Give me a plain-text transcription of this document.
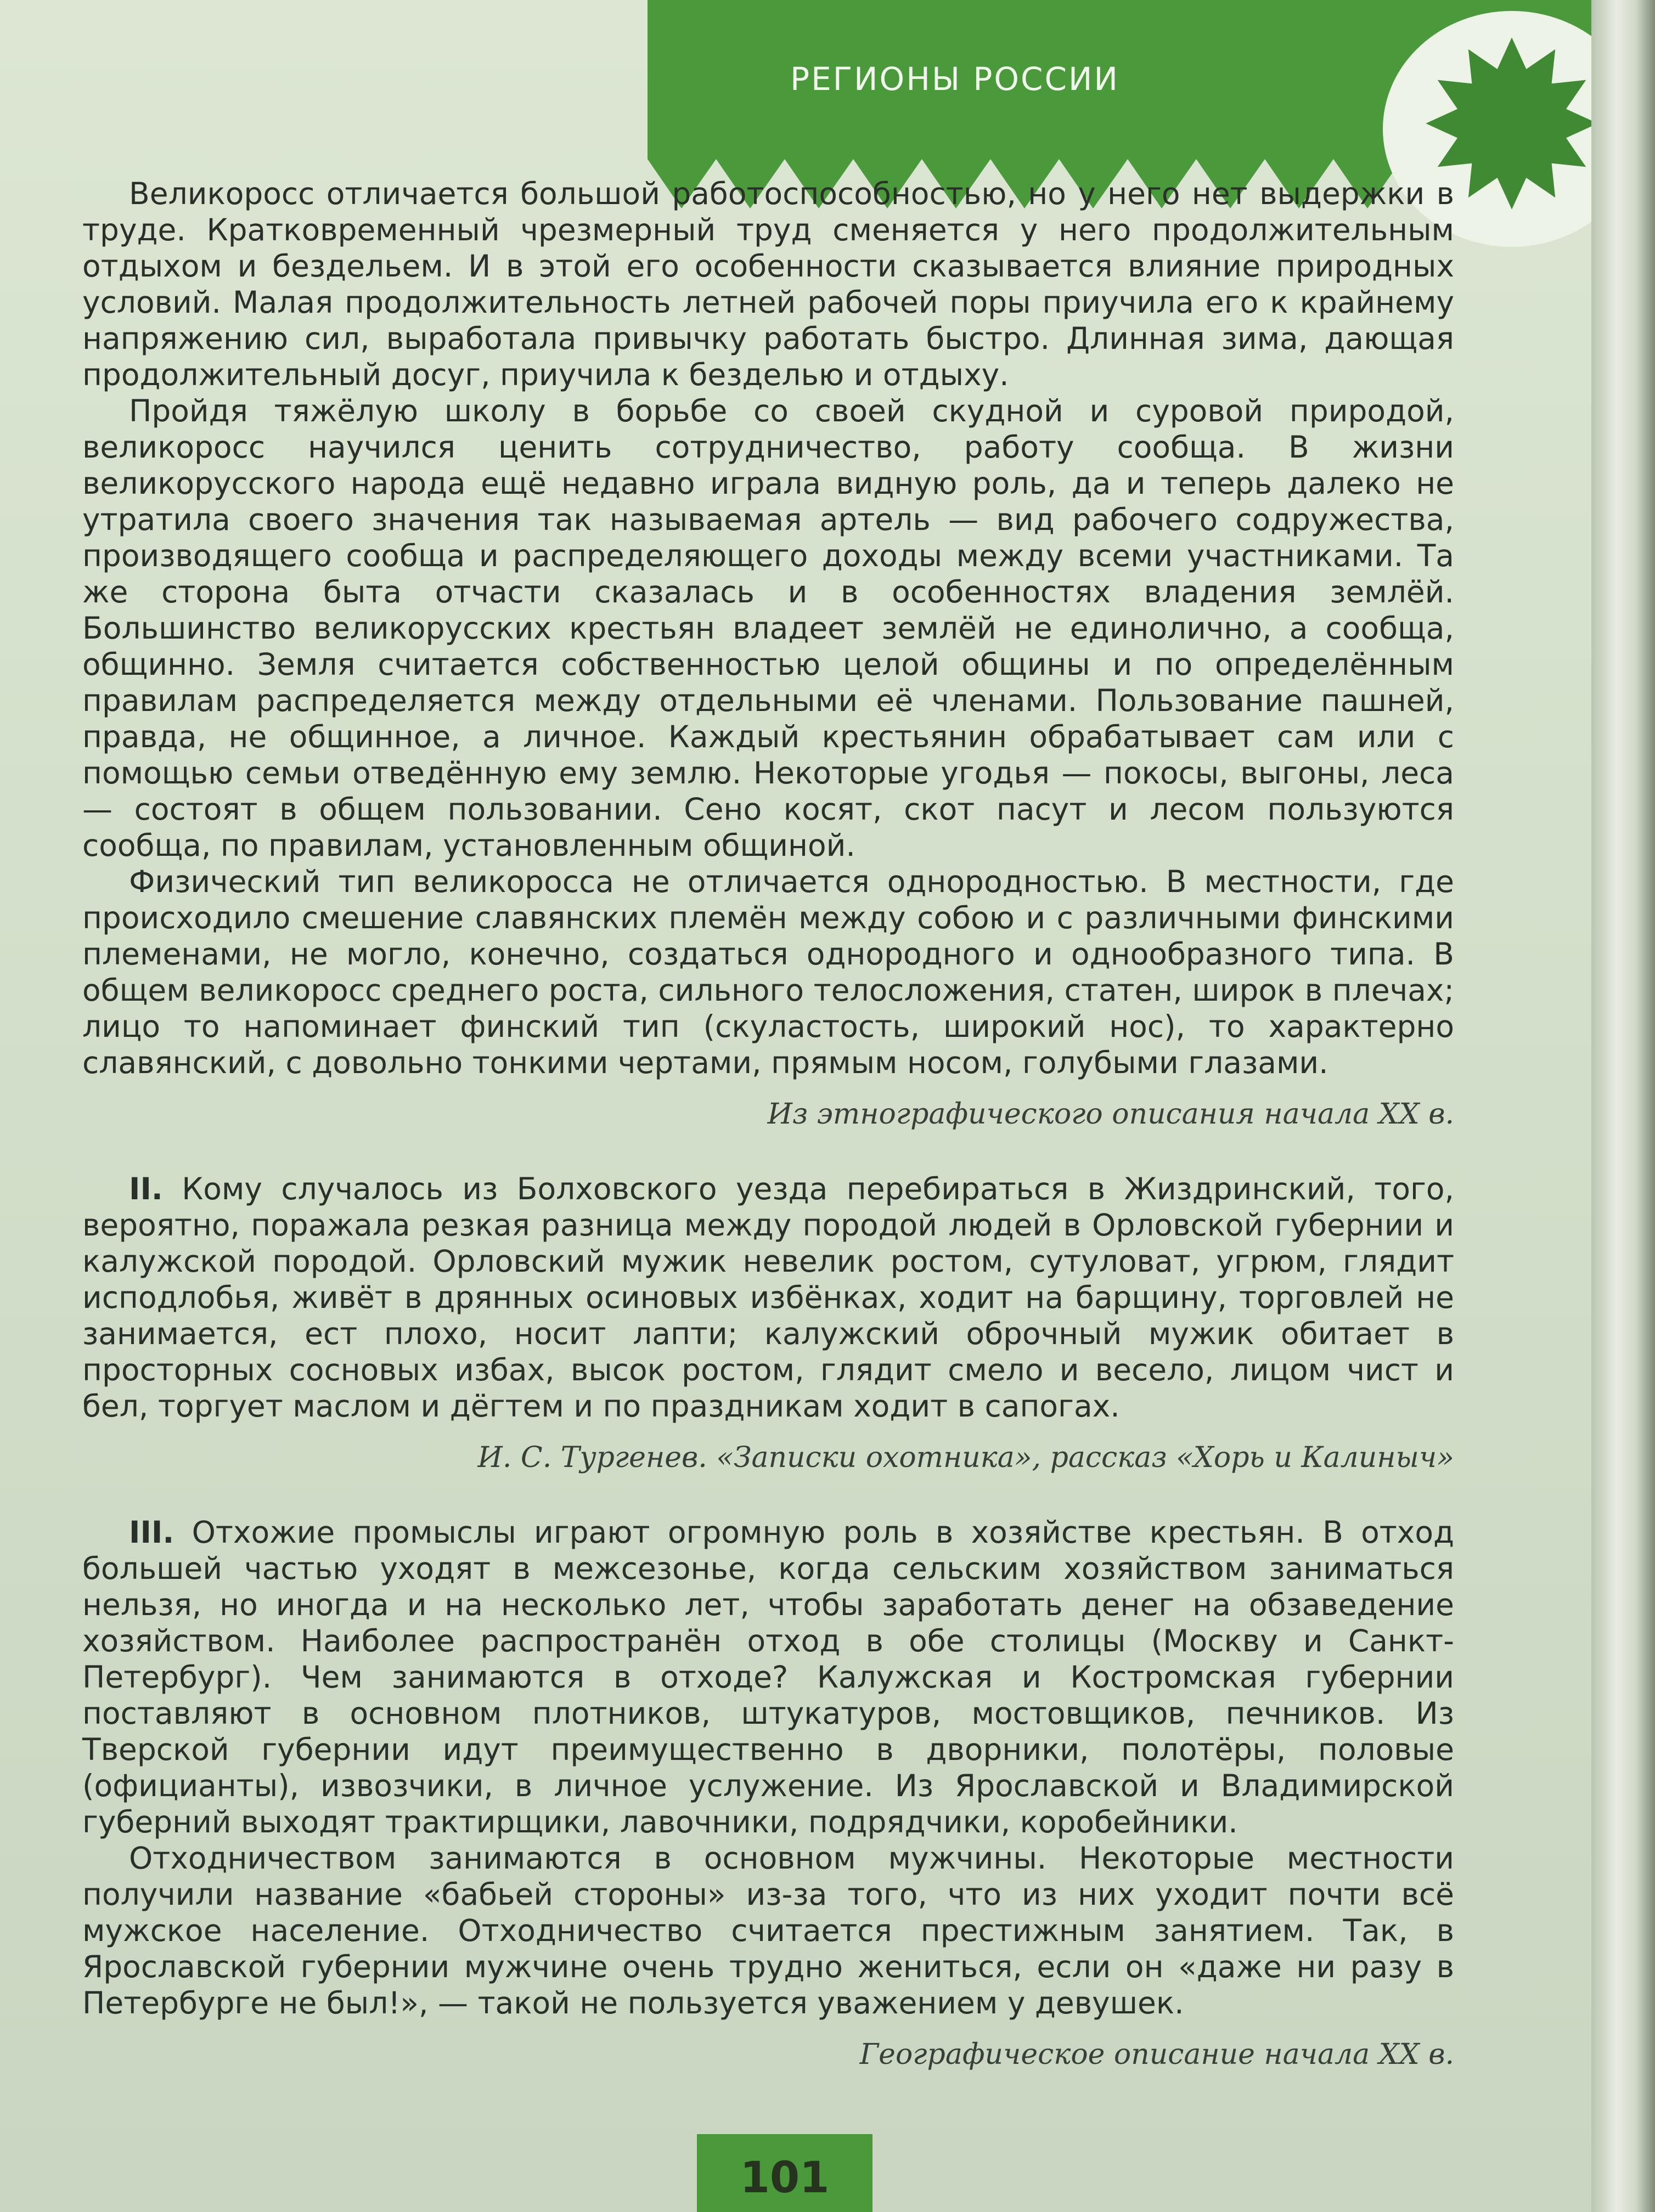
РЕГИОНЫ РОССИИ

Великоросс отличается большой работоспособностью, но у него нет выдержки в труде. Кратковременный чрезмерный труд сменяется у него продолжительным отдыхом и бездельем. И в этой его особенности сказывается влияние природных условий. Малая продолжительность летней рабочей поры приучила его к крайнему напряжению сил, выработала привычку работать быстро. Длинная зима, дающая продолжительный досуг, приучила к безделью и отдыху.

Пройдя тяжёлую школу в борьбе со своей скудной и суровой природой, великоросс научился ценить сотрудничество, работу сообща. В жизни великорусского народа ещё недавно играла видную роль, да и теперь далеко не утратила своего значения так называемая артель — вид рабочего содружества, производящего сообща и распределяющего доходы между всеми участниками. Та же сторона быта отчасти сказалась и в особенностях владения землёй. Большинство великорусских крестьян владеет землёй не единолично, а сообща, общинно. Земля считается собственностью целой общины и по определённым правилам распределяется между отдельными её членами. Пользование пашней, правда, не общинное, а личное. Каждый крестьянин обрабатывает сам или с помощью семьи отведённую ему землю. Некоторые угодья — покосы, выгоны, леса — состоят в общем пользовании. Сено косят, скот пасут и лесом пользуются сообща, по правилам, установленным общиной.

Физический тип великоросса не отличается однородностью. В местности, где происходило смешение славянских племён между собою и с различными финскими племенами, не могло, конечно, создаться однородного и однообразного типа. В общем великоросс среднего роста, сильного телосложения, статен, широк в плечах; лицо то напоминает финский тип (скуластость, широкий нос), то характерно славянский, с довольно тонкими чертами, прямым носом, голубыми глазами.

Из этнографического описания начала XX в.

II. Кому случалось из Болховского уезда перебираться в Жиздринский, того, вероятно, поражала резкая разница между породой людей в Орловской губернии и калужской породой. Орловский мужик невелик ростом, сутуловат, угрюм, глядит исподлобья, живёт в дрянных осиновых избёнках, ходит на барщину, торговлей не занимается, ест плохо, носит лапти; калужский оброчный мужик обитает в просторных сосновых избах, высок ростом, глядит смело и весело, лицом чист и бел, торгует маслом и дёгтем и по праздникам ходит в сапогах.

И. С. Тургенев. «Записки охотника», рассказ «Хорь и Калиныч»

III. Отхожие промыслы играют огромную роль в хозяйстве крестьян. В отход большей частью уходят в межсезонье, когда сельским хозяйством заниматься нельзя, но иногда и на несколько лет, чтобы заработать денег на обзаведение хозяйством. Наиболее распространён отход в обе столицы (Москву и Санкт-Петербург). Чем занимаются в отходе? Калужская и Костромская губернии поставляют в основном плотников, штукатуров, мостовщиков, печников. Из Тверской губернии идут преимущественно в дворники, полотёры, половые (официанты), извозчики, в личное услужение. Из Ярославской и Владимирской губерний выходят трактирщики, лавочники, подрядчики, коробейники.

Отходничеством занимаются в основном мужчины. Некоторые местности получили название «бабьей стороны» из-за того, что из них уходит почти всё мужское население. Отходничество считается престижным занятием. Так, в Ярославской губернии мужчине очень трудно жениться, если он «даже ни разу в Петербурге не был!», — такой не пользуется уважением у девушек.

Географическое описание начала XX в.

101
